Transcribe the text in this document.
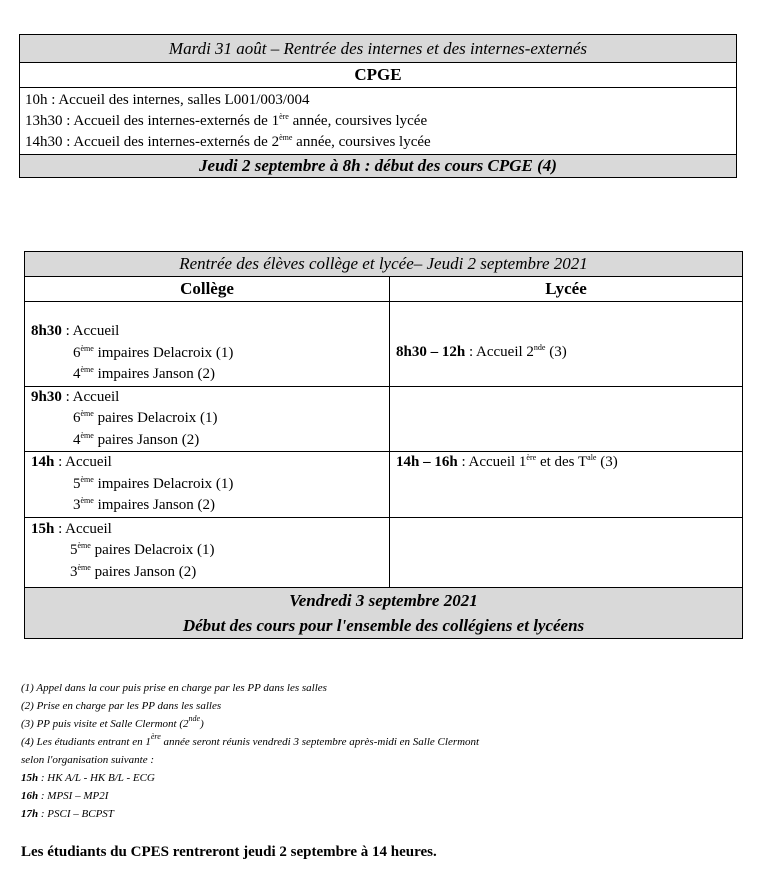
Mardi 31 août – Rentrée des internes et des internes-externés
CPGE

10h : Accueil des internes, salles L001/003/004
13h30 : Accueil des internes-externés de 1ère année, coursives lycée
14h30 : Accueil des internes-externés de 2ème année, coursives lycée

Jeudi 2 septembre à 8h : début des cours CPGE (4)
Rentrée des élèves collège et lycée– Jeudi 2 septembre 2021	
Collège	Lycée

8h30 : Accueil
6ème impaires Delacroix (1)
4ème impaires Janson (2)	8h30 – 12h : Accueil 2nde (3)

9h30 : Accueil
6ème paires Delacroix (1)
4ème paires Janson (2)	

14h : Accueil
5ème impaires Delacroix (1)
3ème impaires Janson (2)	14h – 16h : Accueil 1ère et des $T^{ale}$ (3)

15h : Accueil
5ème paires Delacroix (1)
3ème paires Janson (2)	

Vendredi 3 septembre 2021
Début des cours pour l'ensemble des collégiens et lycéens	
(1) Appel dans la cour puis prise en charge par les PP dans les salles
(2) Prise en charge par les PP dans les salles
(3) PP puis visite et Salle Clermont (2nde)
(4) Les étudiants entrant en 1ère année seront réunis vendredi 3 septembre après-midi en Salle Clermont
selon l'organisation suivante :
15h : HK A/L - HK B/L - ECG
16h : MPSI – MP2I
17h : PSCI – BCPST
Les étudiants du CPES rentreront jeudi 2 septembre à 14 heures.
